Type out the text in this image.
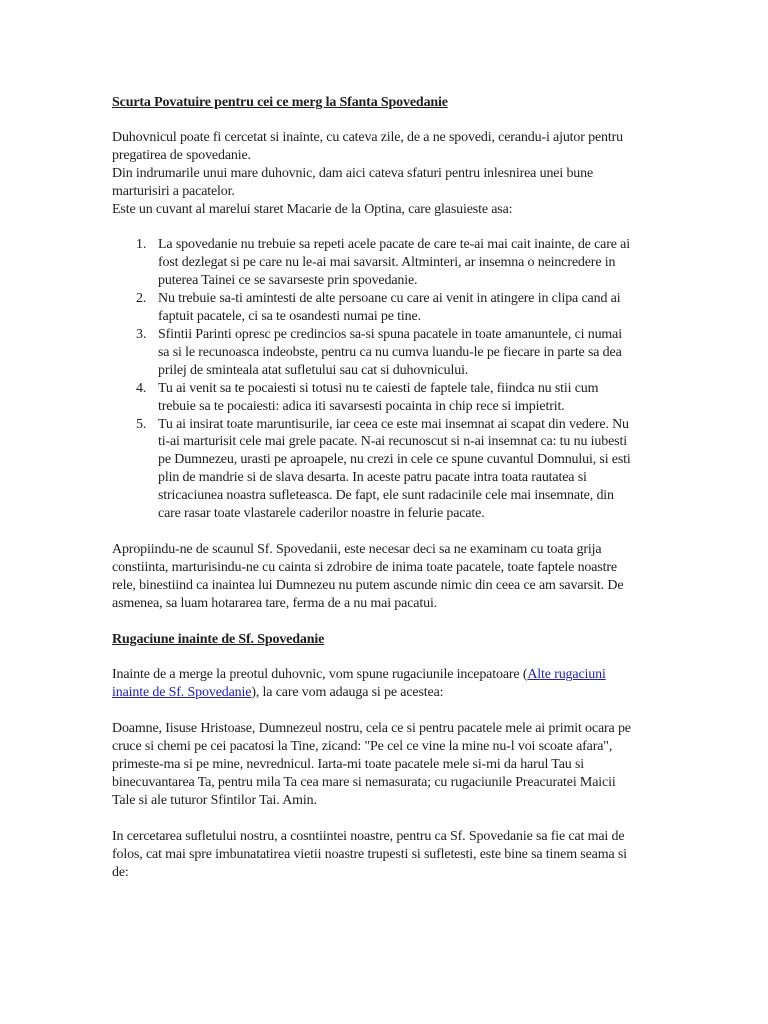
Scurta Povatuire pentru cei ce merg la Sfanta Spovedanie

Duhovnicul poate fi cercetat si inainte, cu cateva zile, de a ne spovedi, cerandu-i ajutor pentru pregatirea de spovedanie.

Din indrumarile unui mare duhovnic, dam aici cateva sfaturi pentru inlesnirea unei bune marturisiri a pacatelor.

Este un cuvant al marelui staret Macarie de la Optina, care glasuieste asa:

1. La spovedanie nu trebuie sa repeti acele pacate de care te-ai mai cait inainte, de care ai fost dezlegat si pe care nu le-ai mai savarsit. Altminteri, ar insemna o neincredere in puterea Tainei ce se savarseste prin spovedanie.
2. Nu trebuie sa-ti amintesti de alte persoane cu care ai venit in atingere in clipa cand ai faptuit pacatele, ci sa te osandesti numai pe tine.
3. Sfintii Parinti opresc pe credincios sa-si spuna pacatele in toate amanuntele, ci numai sa si le recunoasca indeobste, pentru ca nu cumva luandu-le pe fiecare in parte sa dea prilej de sminteala atat sufletului sau cat si duhovnicului.
4. Tu ai venit sa te pocaiesti si totusi nu te caiesti de faptele tale, fiindca nu stii cum trebuie sa te pocaiesti: adica iti savarsesti pocainta in chip rece si impietrit.
5. Tu ai insirat toate maruntisurile, iar ceea ce este mai insemnat ai scapat din vedere. Nu ti-ai marturisit cele mai grele pacate. N-ai recunoscut si n-ai insemnat ca: tu nu iubesti pe Dumnezeu, urasti pe aproapele, nu crezi in cele ce spune cuvantul Domnului, si esti plin de mandrie si de slava desarta. In aceste patru pacate intra toata rautatea si stricaciunea noastra sufleteasca. De fapt, ele sunt radacinile cele mai insemnate, din care rasar toate vlastarele caderilor noastre in felurie pacate.

Apropiindu-ne de scaunul Sf. Spovedanii, este necesar deci sa ne examinam cu toata grija constiinta, marturisindu-ne cu cainta si zdrobire de inima toate pacatele, toate faptele noastre rele, binestiind ca inaintea lui Dumnezeu nu putem ascunde nimic din ceea ce am savarsit. De asmenea, sa luam hotararea tare, ferma de a nu mai pacatui.

Rugaciune inainte de Sf. Spovedanie

Inainte de a merge la preotul duhovnic, vom spune rugaciunile incepatoare (Alte rugaciuni inainte de Sf. Spovedanie), la care vom adauga si pe acestea:

Doamne, Iisuse Hristoase, Dumnezeul nostru, cela ce si pentru pacatele mele ai primit ocara pe cruce si chemi pe cei pacatosi la Tine, zicand: "Pe cel ce vine la mine nu-l voi scoate afara", primeste-ma si pe mine, nevrednicul. Iarta-mi toate pacatele mele si-mi da harul Tau si binecuvantarea Ta, pentru mila Ta cea mare si nemasurata; cu rugaciunile Preacuratei Maicii Tale si ale tuturor Sfintilor Tai. Amin.

In cercetarea sufletului nostru, a cosntiintei noastre, pentru ca Sf. Spovedanie sa fie cat mai de folos, cat mai spre imbunatatirea vietii noastre trupesti si sufletesti, este bine sa tinem seama si de:
